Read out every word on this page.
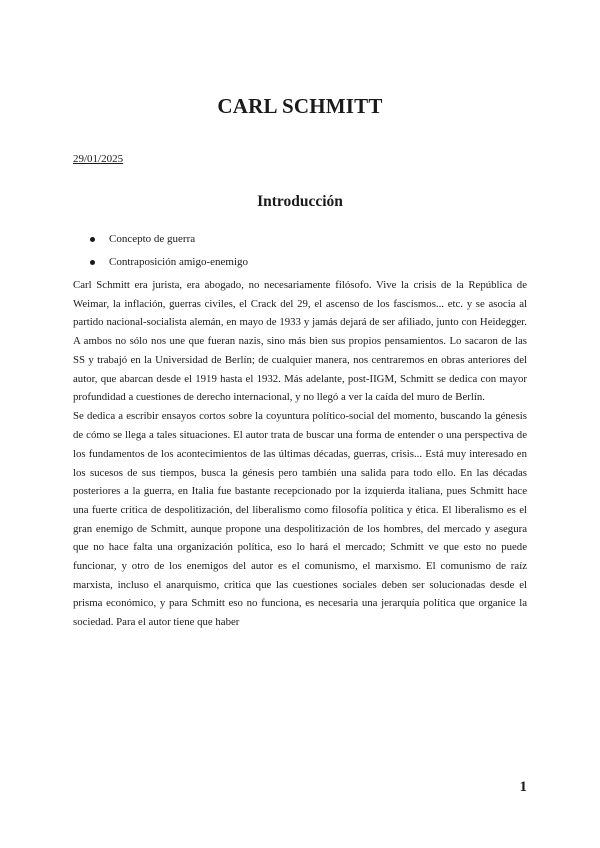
CARL SCHMITT
29/01/2025
Introducción
Concepto de guerra
Contraposición amigo-enemigo

Carl Schmitt era jurista, era abogado, no necesariamente filósofo. Vive la crisis de la República de Weimar, la inflación, guerras civiles, el Crack del 29, el ascenso de los fascismos... etc. y se asocia al partido nacional-socialista alemán, en mayo de 1933 y jamás dejará de ser afiliado, junto con Heidegger. A ambos no sólo nos une que fueran nazis, sino más bien sus propios pensamientos. Lo sacaron de las SS y trabajó en la Universidad de Berlín; de cualquier manera, nos centraremos en obras anteriores del autor, que abarcan desde el 1919 hasta el 1932. Más adelante, post-IIGM, Schmitt se dedica con mayor profundidad a cuestiones de derecho internacional, y no llegó a ver la caída del muro de Berlín.

Se dedica a escribir ensayos cortos sobre la coyuntura político-social del momento, buscando la génesis de cómo se llega a tales situaciones. El autor trata de buscar una forma de entender o una perspectiva de los fundamentos de los acontecimientos de las últimas décadas, guerras, crisis... Está muy interesado en los sucesos de sus tiempos, busca la génesis pero también una salida para todo ello. En las décadas posteriores a la guerra, en Italia fue bastante recepcionado por la izquierda italiana, pues Schmitt hace una fuerte crítica de despolitización, del liberalismo como filosofía política y ética. El liberalismo es el gran enemigo de Schmitt, aunque propone una despolitización de los hombres, del mercado y asegura que no hace falta una organización política, eso lo hará el mercado; Schmitt ve que esto no puede funcionar, y otro de los enemigos del autor es el comunismo, el marxismo. El comunismo de raíz marxista, incluso el anarquismo, critica que las cuestiones sociales deben ser solucionadas desde el prisma económico, y para Schmitt eso no funciona, es necesaria una jerarquía política que organice la sociedad. Para el autor tiene que haber

1
